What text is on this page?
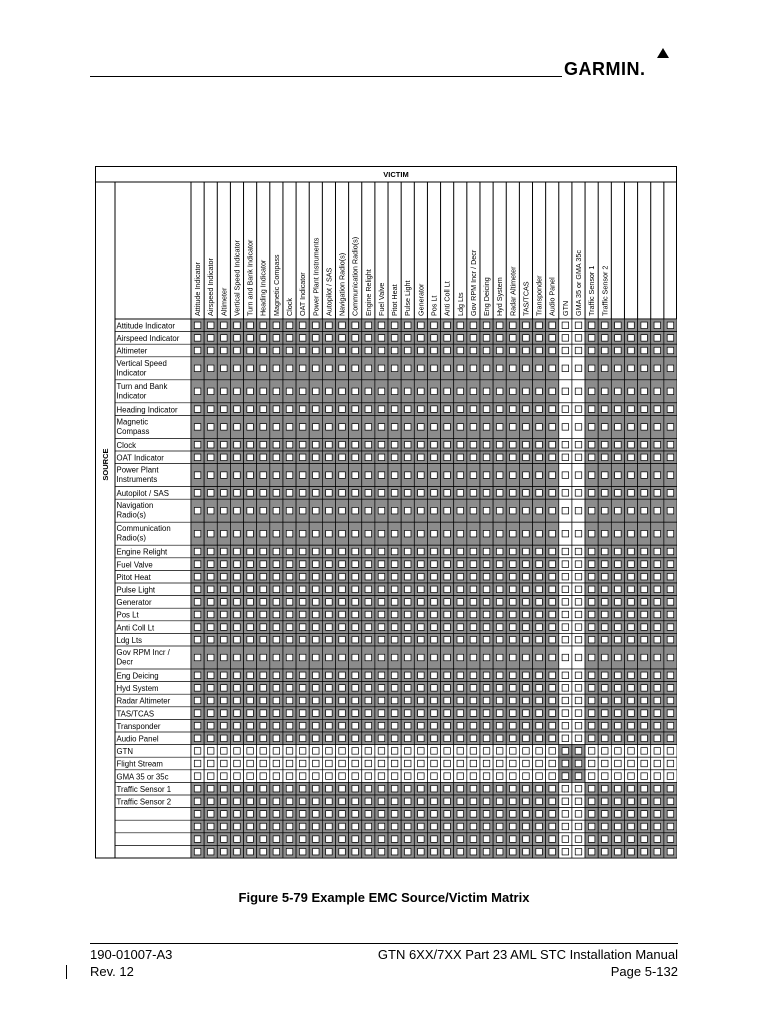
GARMIN.
VICTIM
SOURCE
Attitude Indicator Airspeed Indicator Altimeter Vertical Speed Indicator Turn and Bank Indicator Heading Indicator Magnetic Compass Clock OAT Indicator Power Plant Instruments Autopilot / SAS Navigation Radio(s) Communication Radio(s) Engine Relight Fuel Valve Pitot Heat Pulse Light Generator Pos Lt Anti Coll Lt Ldg Lts Gov RPM Incr / Decr Eng Deicing Hyd System Radar Altimeter TAS/TCAS Transponder Audio Panel GTN GMA 35 or GMA 35c Traffic Sensor 1 Traffic Sensor 2
Attitude Indicator
Airspeed Indicator
Altimeter
Vertical Speed
Indicator
Turn and Bank
Indicator
Heading Indicator
Magnetic
Compass
Clock
OAT Indicator
Power Plant
Instruments
Autopilot / SAS
Navigation
Radio(s)
Communication
Radio(s)
Engine Relight
Fuel Valve
Pitot Heat
Pulse Light
Generator
Pos Lt
Anti Coll Lt
Ldg Lts
Gov RPM Incr /
Decr
Eng Deicing
Hyd System
Radar Altimeter
TAS/TCAS
Transponder
Audio Panel
GTN
Flight Stream
GMA 35 or 35c
Traffic Sensor 1
Traffic Sensor 2
Figure 5-79 Example EMC Source/Victim Matrix
190-01007-A3
Rev. 12
GTN 6XX/7XX Part 23 AML STC Installation Manual
Page 5-132
